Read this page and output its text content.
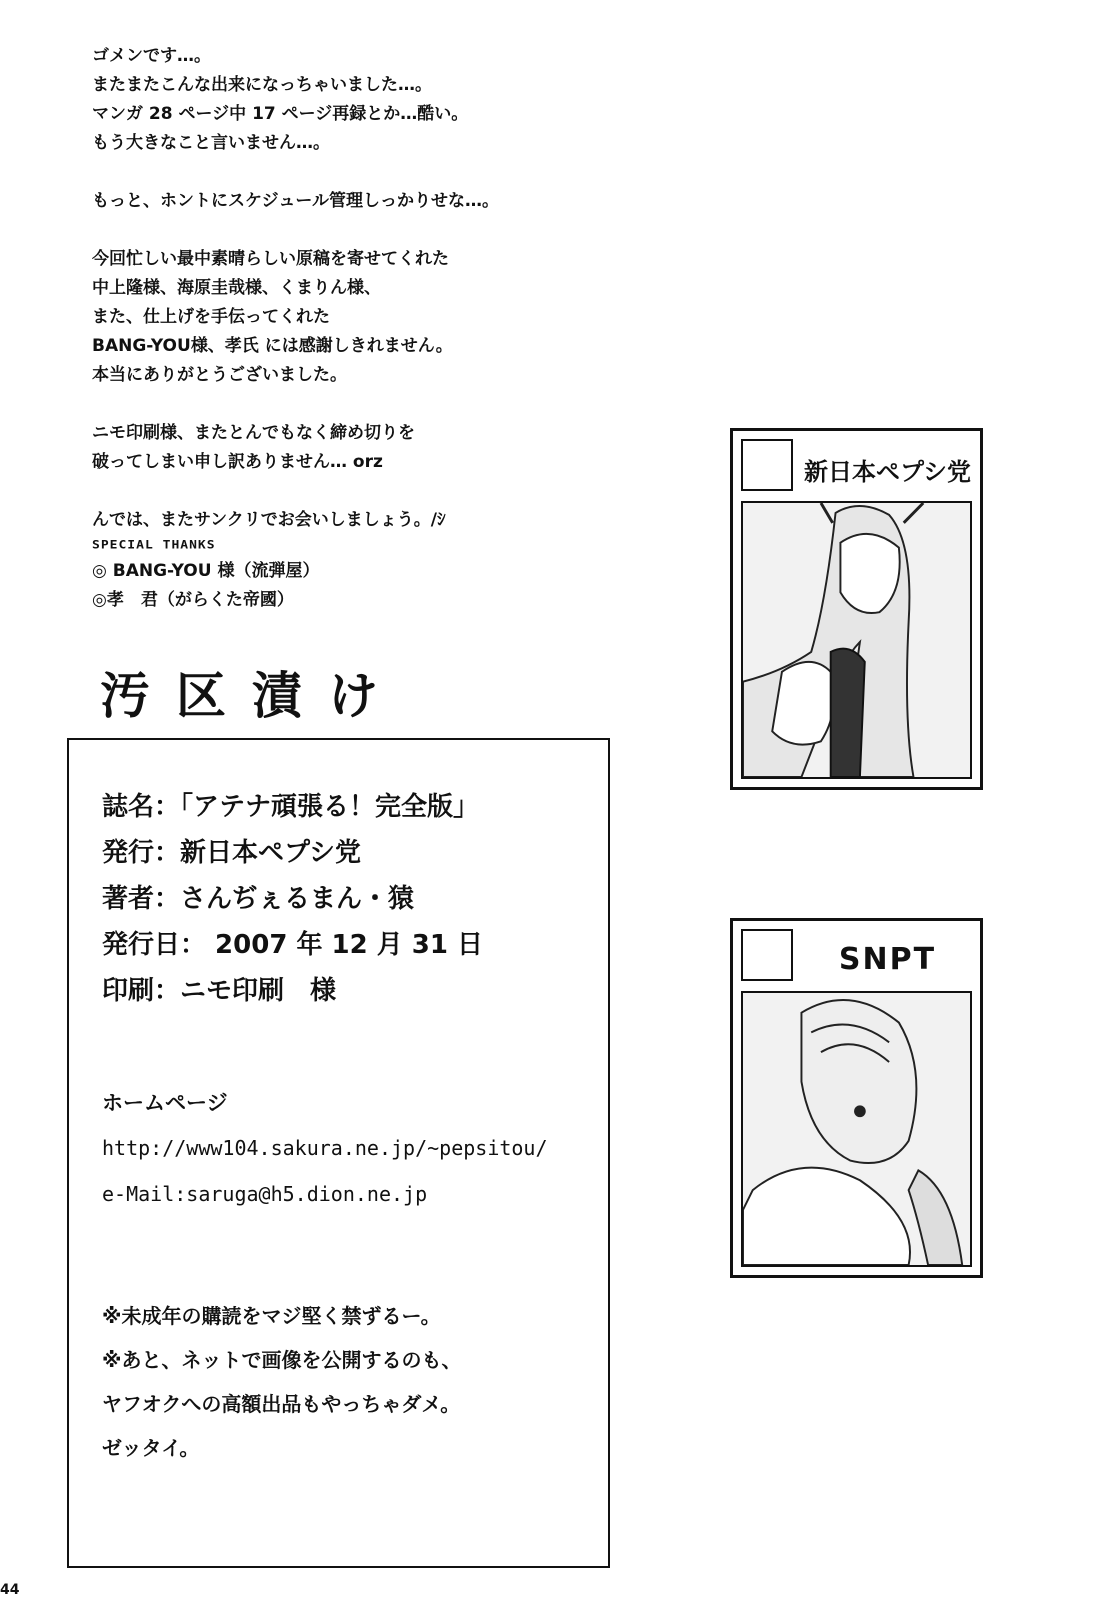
ゴメンです…。

またまたこんな出来になっちゃいました…。

マンガ 28 ページ中 17 ページ再録とか…酷い。

もう大きなこと言いません…。

もっと、ホントにスケジュール管理しっかりせな…。

今回忙しい最中素晴らしい原稿を寄せてくれた

中上隆様、海原圭哉様、くまりん様、

また、仕上げを手伝ってくれた

BANG-YOU様、孝氏 には感謝しきれません。

本当にありがとうございました。

ニモ印刷様、またとんでもなく締め切りを

破ってしまい申し訳ありません… orz

んでは、またサンクリでお会いしましょう。/ｼ

SPECIAL THANKS

◎ BANG-YOU 様（流弾屋）

◎孝　君（がらくた帝國）

汚区漬け
誌名：「アテナ頑張る！完全版」
発行：新日本ペプシ党
著者：さんぢぇるまん・猿
発行日： 2007 年 12 月 31 日
印刷：ニモ印刷　様
ホームページ
http://www104.sakura.ne.jp/~pepsitou/
e-Mail:saruga@h5.dion.ne.jp
※未成年の購読をマジ堅く禁ずるー。
※あと、ネットで画像を公開するのも、
ヤフオクへの高額出品もやっちゃダメ。
ゼッタイ。
新日本ペプシ党
SNPT
44
